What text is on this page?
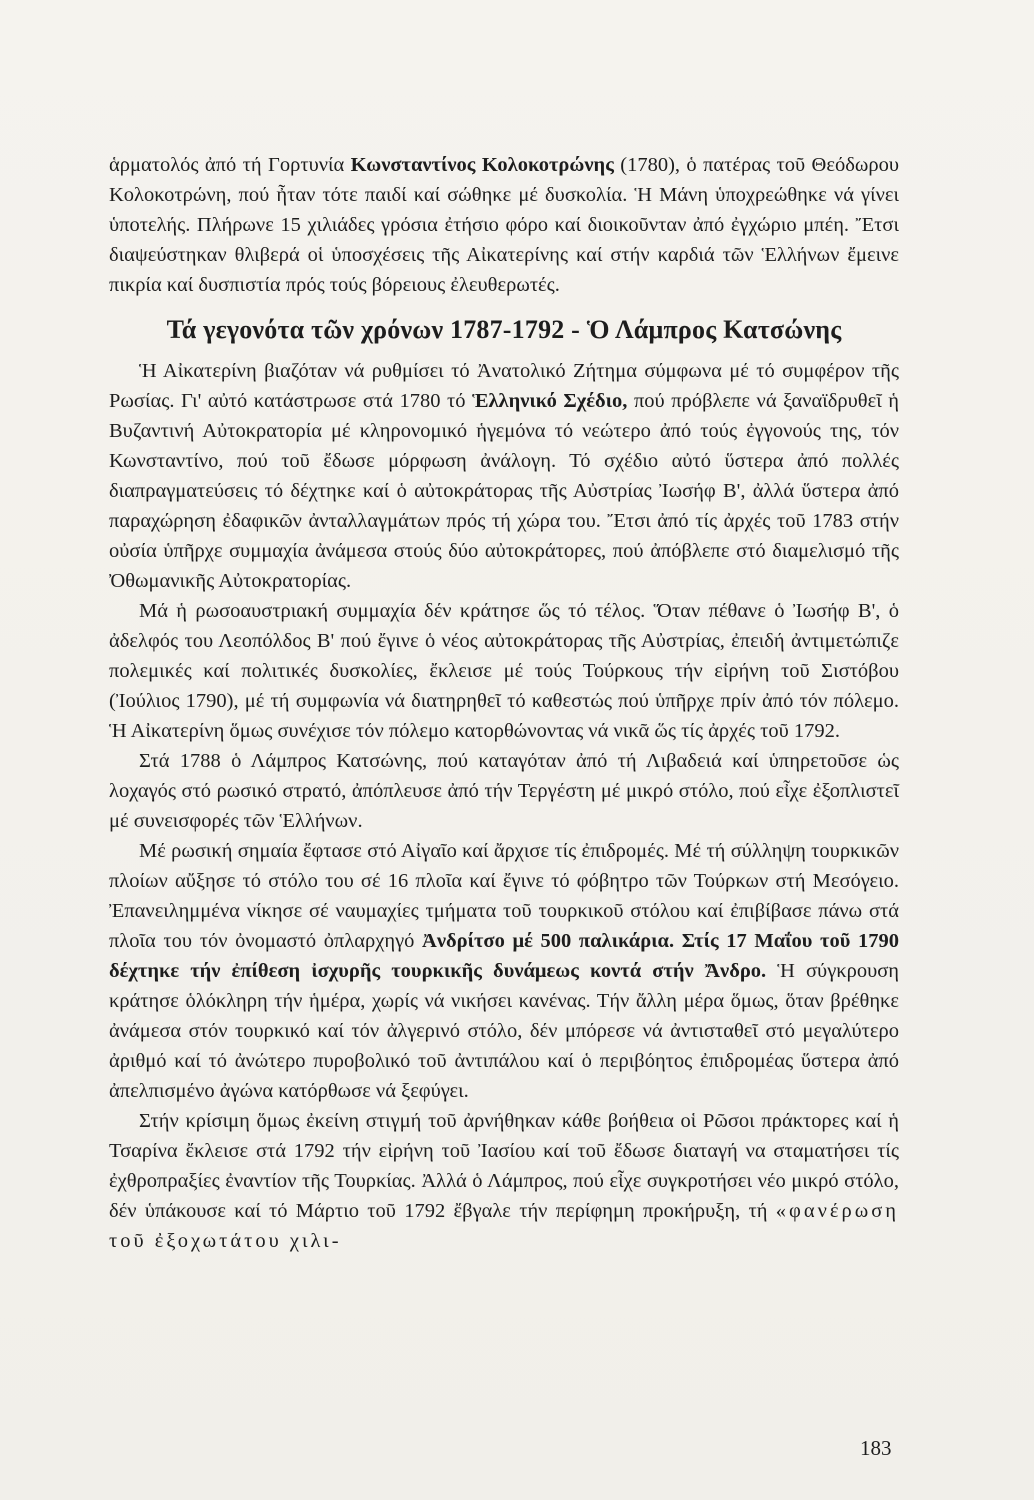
ἁρματολός ἀπό τή Γορτυνία Κωνσταντίνος Κολοκοτρώνης (1780), ὁ πατέρας τοῦ Θεόδωρου Κολοκοτρώνη, πού ἦταν τότε παιδί καί σώθηκε μέ δυσκολία. Ἡ Μάνη ὑποχρεώθηκε νά γίνει ὑποτελής. Πλήρωνε 15 χιλιάδες γρόσια ἐτήσιο φόρο καί διοικοῦνταν ἀπό ἐγχώριο μπέη. Ἔτσι διαψεύστηκαν θλιβερά οἱ ὑποσχέσεις τῆς Αἰκατερίνης καί στήν καρδιά τῶν Ἑλλήνων ἔμεινε πικρία καί δυσπιστία πρός τούς βόρειους ἐλευθερωτές.

Τά γεγονότα τῶν χρόνων 1787-1792 - Ὁ Λάμπρος Κατσώνης

Ἡ Αἰκατερίνη βιαζόταν νά ρυθμίσει τό Ἀνατολικό Ζήτημα σύμφωνα μέ τό συμφέρον τῆς Ρωσίας. Γι' αὐτό κατάστρωσε στά 1780 τό Ἑλληνικό Σχέδιο, πού πρόβλεπε νά ξαναϊδρυθεῖ ἡ Βυζαντινή Αὐτοκρατορία μέ κληρονομικό ἡγεμόνα τό νεώτερο ἀπό τούς ἐγγονούς της, τόν Κωνσταντίνο, πού τοῦ ἔδωσε μόρφωση ἀνάλογη. Τό σχέδιο αὐτό ὕστερα ἀπό πολλές διαπραγματεύσεις τό δέχτηκε καί ὁ αὐτοκράτορας τῆς Αὐστρίας Ἰωσήφ Β', ἀλλά ὕστερα ἀπό παραχώρηση ἐδαφικῶν ἀνταλλαγμάτων πρός τή χώρα του. Ἔτσι ἀπό τίς ἀρχές τοῦ 1783 στήν οὐσία ὑπῆρχε συμμαχία ἀνάμεσα στούς δύο αὐτοκράτορες, πού ἀπόβλεπε στό διαμελισμό τῆς Ὀθωμανικῆς Αὐτοκρατορίας.

Μά ἡ ρωσοαυστριακή συμμαχία δέν κράτησε ὥς τό τέλος. Ὅταν πέθανε ὁ Ἰωσήφ Β', ὁ ἀδελφός του Λεοπόλδος Β' πού ἔγινε ὁ νέος αὐτοκράτορας τῆς Αὐστρίας, ἐπειδή ἀντιμετώπιζε πολεμικές καί πολιτικές δυσκολίες, ἔκλεισε μέ τούς Τούρκους τήν εἰρήνη τοῦ Σιστόβου (Ἰούλιος 1790), μέ τή συμφωνία νά διατηρηθεῖ τό καθεστώς πού ὑπῆρχε πρίν ἀπό τόν πόλεμο. Ἡ Αἰκατερίνη ὅμως συνέχισε τόν πόλεμο κατορθώνοντας νά νικᾶ ὥς τίς ἀρχές τοῦ 1792.

Στά 1788 ὁ Λάμπρος Κατσώνης, πού καταγόταν ἀπό τή Λιβαδειά καί ὑπηρετοῦσε ὡς λοχαγός στό ρωσικό στρατό, ἀπόπλευσε ἀπό τήν Τεργέστη μέ μικρό στόλο, πού εἶχε ἐξοπλιστεῖ μέ συνεισφορές τῶν Ἑλλήνων.

Μέ ρωσική σημαία ἔφτασε στό Αἰγαῖο καί ἄρχισε τίς ἐπιδρομές. Μέ τή σύλληψη τουρκικῶν πλοίων αὔξησε τό στόλο του σέ 16 πλοῖα καί ἔγινε τό φόβητρο τῶν Τούρκων στή Μεσόγειο. Ἐπανειλημμένα νίκησε σέ ναυμαχίες τμήματα τοῦ τουρκικοῦ στόλου καί ἐπιβίβασε πάνω στά πλοῖα του τόν ὀνομαστό ὀπλαρχηγό Ἀνδρίτσο μέ 500 παλικάρια. Στίς 17 Μαΐου τοῦ 1790 δέχτηκε τήν ἐπίθεση ἰσχυρῆς τουρκικῆς δυνάμεως κοντά στήν Ἄνδρο. Ἡ σύγκρουση κράτησε ὁλόκληρη τήν ἡμέρα, χωρίς νά νικήσει κανένας. Τήν ἄλλη μέρα ὅμως, ὅταν βρέθηκε ἀνάμεσα στόν τουρκικό καί τόν ἀλγερινό στόλο, δέν μπόρεσε νά ἀντισταθεῖ στό μεγαλύτερο ἀριθμό καί τό ἀνώτερο πυροβολικό τοῦ ἀντιπάλου καί ὁ περιβόητος ἐπιδρομέας ὕστερα ἀπό ἀπελπισμένο ἀγώνα κατόρθωσε νά ξεφύγει.

Στήν κρίσιμη ὅμως ἐκείνη στιγμή τοῦ ἀρνήθηκαν κάθε βοήθεια οἱ Ρῶσοι πράκτορες καί ἡ Τσαρίνα ἔκλεισε στά 1792 τήν εἰρήνη τοῦ Ἰασίου καί τοῦ ἔδωσε διαταγή να σταματήσει τίς ἐχθροπραξίες ἐναντίον τῆς Τουρκίας. Ἀλλά ὁ Λάμπρος, πού εἶχε συγκροτήσει νέο μικρό στόλο, δέν ὑπάκουσε καί τό Μάρτιο τοῦ 1792 ἔβγαλε τήν περίφημη προκήρυξη, τή «φανέρωση τοῦ ἐξοχωτάτου χιλι-

183
